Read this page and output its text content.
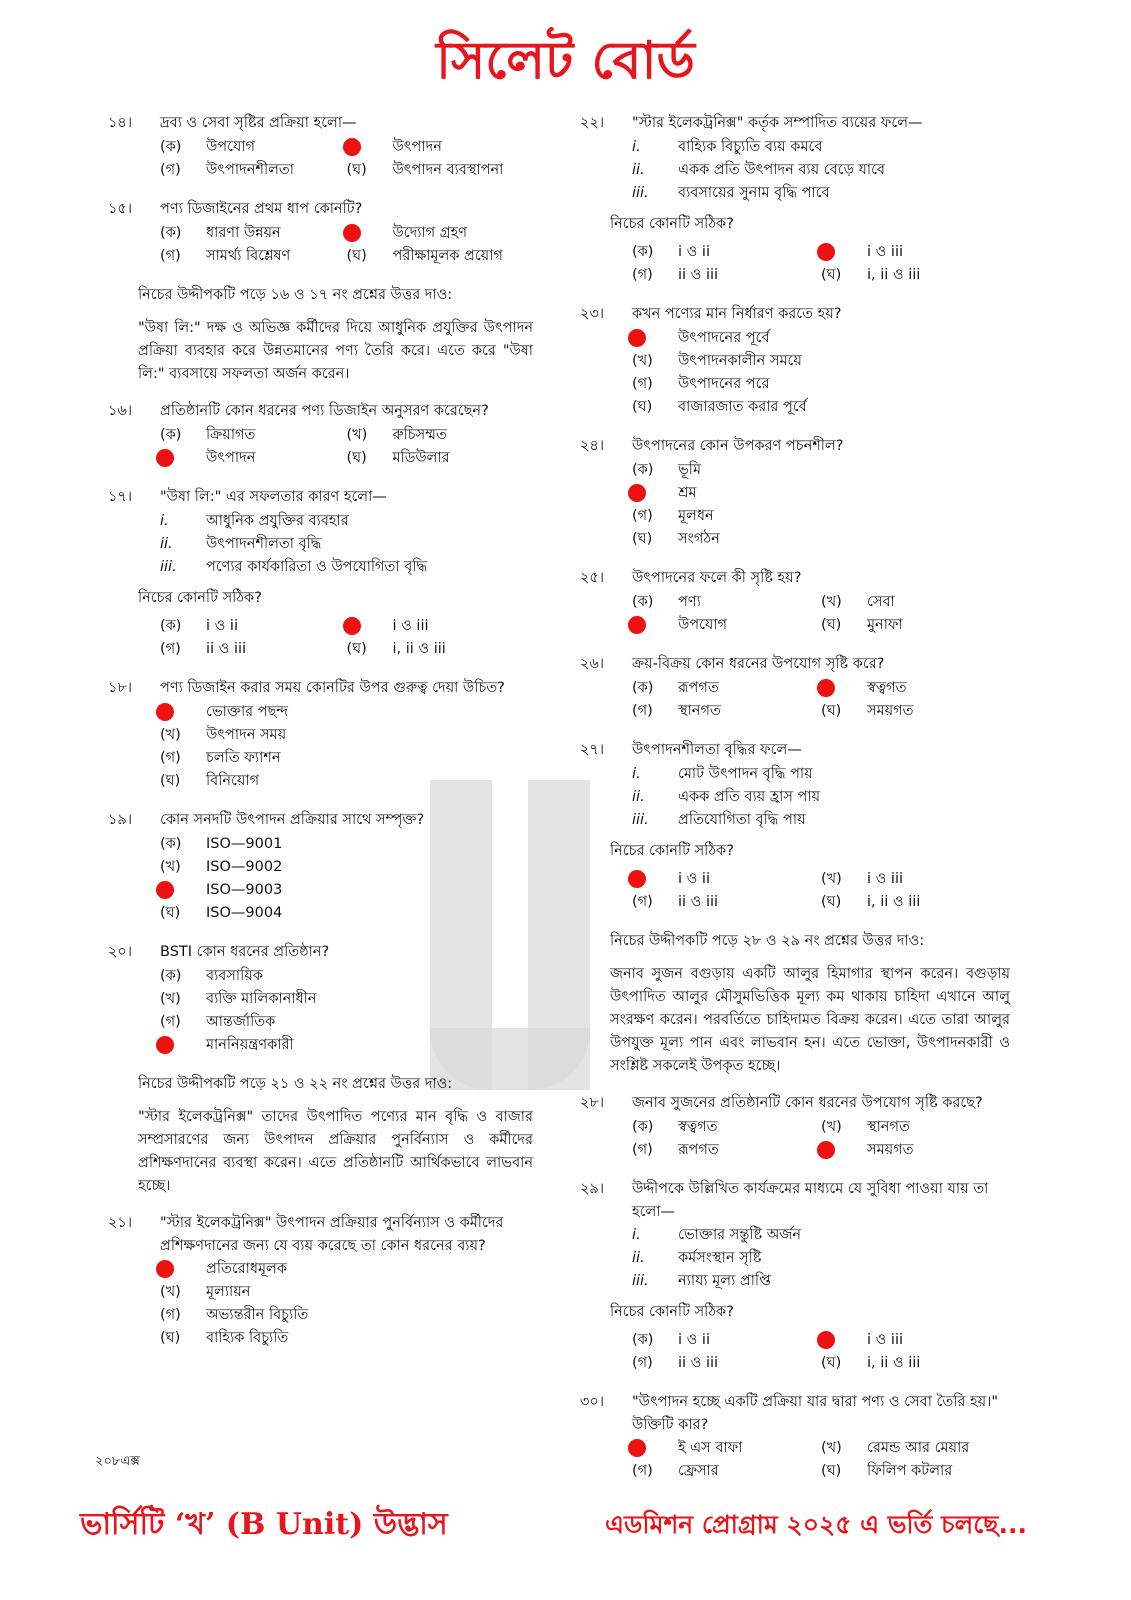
সিলেট বোর্ড
১৪।	দ্রব্য ও সেবা সৃষ্টির প্রক্রিয়া হলো—
(ক)	উপযোগ	উৎপাদন
(গ)	উৎপাদনশীলতা	(ঘ)	উৎপাদন ব্যবস্থাপনা
১৫।	পণ্য ডিজাইনের প্রথম ধাপ কোনটি?
(ক)	ধারণা উন্নয়ন	উদ্যোগ গ্রহণ
(গ)	সামর্থ্য বিশ্লেষণ	(ঘ)	পরীক্ষামূলক প্রয়োগ
নিচের উদ্দীপকটি পড়ে ১৬ ও ১৭ নং প্রশ্নের উত্তর দাও:
"উষা লি:" দক্ষ ও অভিজ্ঞ কর্মীদের দিয়ে আধুনিক প্রযুক্তির উৎপাদন প্রক্রিয়া ব্যবহার করে উন্নতমানের পণ্য তৈরি করে। এতে করে "উষা লি:" ব্যবসায়ে সফলতা অর্জন করেন।
১৬।	প্রতিষ্ঠানটি কোন ধরনের পণ্য ডিজাইন অনুসরণ করেছেন?
(ক)	ক্রিয়াগত	(খ)	রুচিসম্মত
উৎপাদন	(ঘ)	মডিউলার
১৭।	"উষা লি:" এর সফলতার কারণ হলো—
i.	আধুনিক প্রযুক্তির ব্যবহার
ii.	উৎপাদনশীলতা বৃদ্ধি
iii.	পণ্যের কার্যকারিতা ও উপযোগিতা বৃদ্ধি
নিচের কোনটি সঠিক?
(ক)	i ও ii	i ও iii
(গ)	ii ও iii	(ঘ)	i, ii ও iii
১৮।	পণ্য ডিজাইন করার সময় কোনটির উপর গুরুত্ব দেয়া উচিত?
ভোক্তার পছন্দ
(খ)	উৎপাদন সময়
(গ)	চলতি ফ্যাশন
(ঘ)	বিনিয়োগ
১৯।	কোন সনদটি উৎপাদন প্রক্রিয়ার সাথে সম্পৃক্ত?
(ক)	ISO—9001
(খ)	ISO—9002
ISO—9003
(ঘ)	ISO—9004
২০।	BSTI কোন ধরনের প্রতিষ্ঠান?
(ক)	ব্যবসায়িক
(খ)	ব্যক্তি মালিকানাধীন
(গ)	আন্তর্জাতিক
মাননিয়ন্ত্রণকারী
নিচের উদ্দীপকটি পড়ে ২১ ও ২২ নং প্রশ্নের উত্তর দাও:
"স্টার ইলেকট্রনিক্স" তাদের উৎপাদিত পণ্যের মান বৃদ্ধি ও বাজার সম্প্রসারণের জন্য উৎপাদন প্রক্রিয়ার পুনর্বিন্যাস ও কর্মীদের প্রশিক্ষণদানের ব্যবস্থা করেন। এতে প্রতিষ্ঠানটি আর্থিকভাবে লাভবান হচ্ছে।
২১।	"স্টার ইলেকট্রনিক্স" উৎপাদন প্রক্রিয়ার পুনর্বিন্যাস ও কর্মীদের প্রশিক্ষণদানের জন্য যে ব্যয় করেছে তা কোন ধরনের ব্যয়?
প্রতিরোধমূলক
(খ)	মূল্যায়ন
(গ)	অভ্যন্তরীন বিচ্যুতি
(ঘ)	বাহ্যিক বিচ্যুতি
২২।	"স্টার ইলেকট্রনিক্স" কর্তৃক সম্পাদিত ব্যয়ের ফলে—
i.	বাহ্যিক বিচ্যুতি ব্যয় কমবে
ii.	একক প্রতি উৎপাদন ব্যয় বেড়ে যাবে
iii.	ব্যবসায়ের সুনাম বৃদ্ধি পাবে
নিচের কোনটি সঠিক?
(ক)	i ও ii	i ও iii
(গ)	ii ও iii	(ঘ)	i, ii ও iii
২৩।	কখন পণ্যের মান নির্ধারণ করতে হয়?
উৎপাদনের পূর্বে
(খ)	উৎপাদনকালীন সময়ে
(গ)	উৎপাদনের পরে
(ঘ)	বাজারজাত করার পূর্বে
২৪।	উৎপাদনের কোন উপকরণ পচনশীল?
(ক)	ভূমি
শ্রম
(গ)	মূলধন
(ঘ)	সংগঠন
২৫।	উৎপাদনের ফলে কী সৃষ্টি হয়?
(ক)	পণ্য	(খ)	সেবা
উপযোগ	(ঘ)	মুনাফা
২৬।	ক্রয়-বিক্রয় কোন ধরনের উপযোগ সৃষ্টি করে?
(ক)	রূপগত	স্বত্বগত
(গ)	স্থানগত	(ঘ)	সময়গত
২৭।	উৎপাদনশীলতা বৃদ্ধির ফলে—
i.	মোট উৎপাদন বৃদ্ধি পায়
ii.	একক প্রতি ব্যয় হ্রাস পায়
iii.	প্রতিযোগিতা বৃদ্ধি পায়
নিচের কোনটি সঠিক?
i ও ii	(খ)	i ও iii
(গ)	ii ও iii	(ঘ)	i, ii ও iii
নিচের উদ্দীপকটি পড়ে ২৮ ও ২৯ নং প্রশ্নের উত্তর দাও:
জনাব সুজন বগুড়ায় একটি আলুর হিমাগার স্থাপন করেন। বগুড়ায় উৎপাদিত আলুর মৌসুমভিত্তিক মূল্য কম থাকায় চাহিদা এখানে আলু সংরক্ষণ করেন। পরবর্তিতে চাহিদামত বিক্রয় করেন। এতে তারা আলুর উপযুক্ত মূল্য পান এবং লাভবান হন। এতে ভোক্তা, উৎপাদনকারী ও সংশ্লিষ্ট সকলেই উপকৃত হচ্ছে।
২৮।	জনাব সুজনের প্রতিষ্ঠানটি কোন ধরনের উপযোগ সৃষ্টি করছে?
(ক)	স্বত্বগত	(খ)	স্থানগত
(গ)	রূপগত	সময়গত
২৯।	উদ্দীপকে উল্লিখিত কার্যক্রমের মাধ্যমে যে সুবিধা পাওয়া যায় তা হলো—
i.	ভোক্তার সন্তুষ্টি অর্জন
ii.	কর্মসংস্থান সৃষ্টি
iii.	ন্যায্য মূল্য প্রাপ্তি
নিচের কোনটি সঠিক?
(ক)	i ও ii	i ও iii
(গ)	ii ও iii	(ঘ)	i, ii ও iii
৩০।	"উৎপাদন হচ্ছে একটি প্রক্রিয়া যার দ্বারা পণ্য ও সেবা তৈরি হয়।" উক্তিটি কার?
ই এস বাফা	(খ)	রেমন্ড আর মেয়ার
(গ)	ফ্রেসার	(ঘ)	ফিলিপ কটলার
২০৮এক্স
ভার্সিটি ‘খ’ (B Unit) উদ্ভাস	এডমিশন প্রোগ্রাম ২০২৫ এ ভর্তি চলছে...
